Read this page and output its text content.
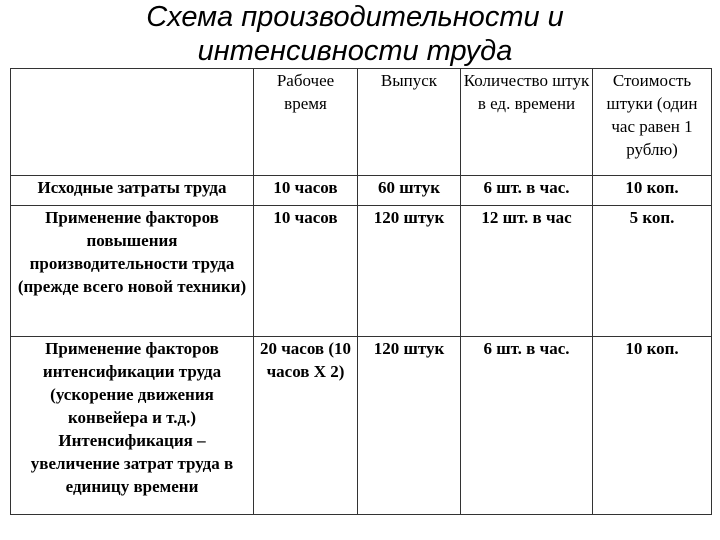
Схема производительности и
интенсивности труда
	Рабочее время	Выпуск	Количество штук в ед. времени	Стоимость штуки (один час равен 1 рублю)
Исходные затраты труда	10 часов	60 штук	6 шт. в час.	10 коп.
Применение факторов повышения производительности труда (прежде всего новой техники)	10 часов	120 штук	12 шт. в час	5 коп.
Применение факторов интенсификации труда (ускорение движения конвейера и т.д.) Интенсификация – увеличение затрат труда в единицу времени	20 часов (10 часов Х 2)	120 штук	6 шт. в час.	10 коп.
